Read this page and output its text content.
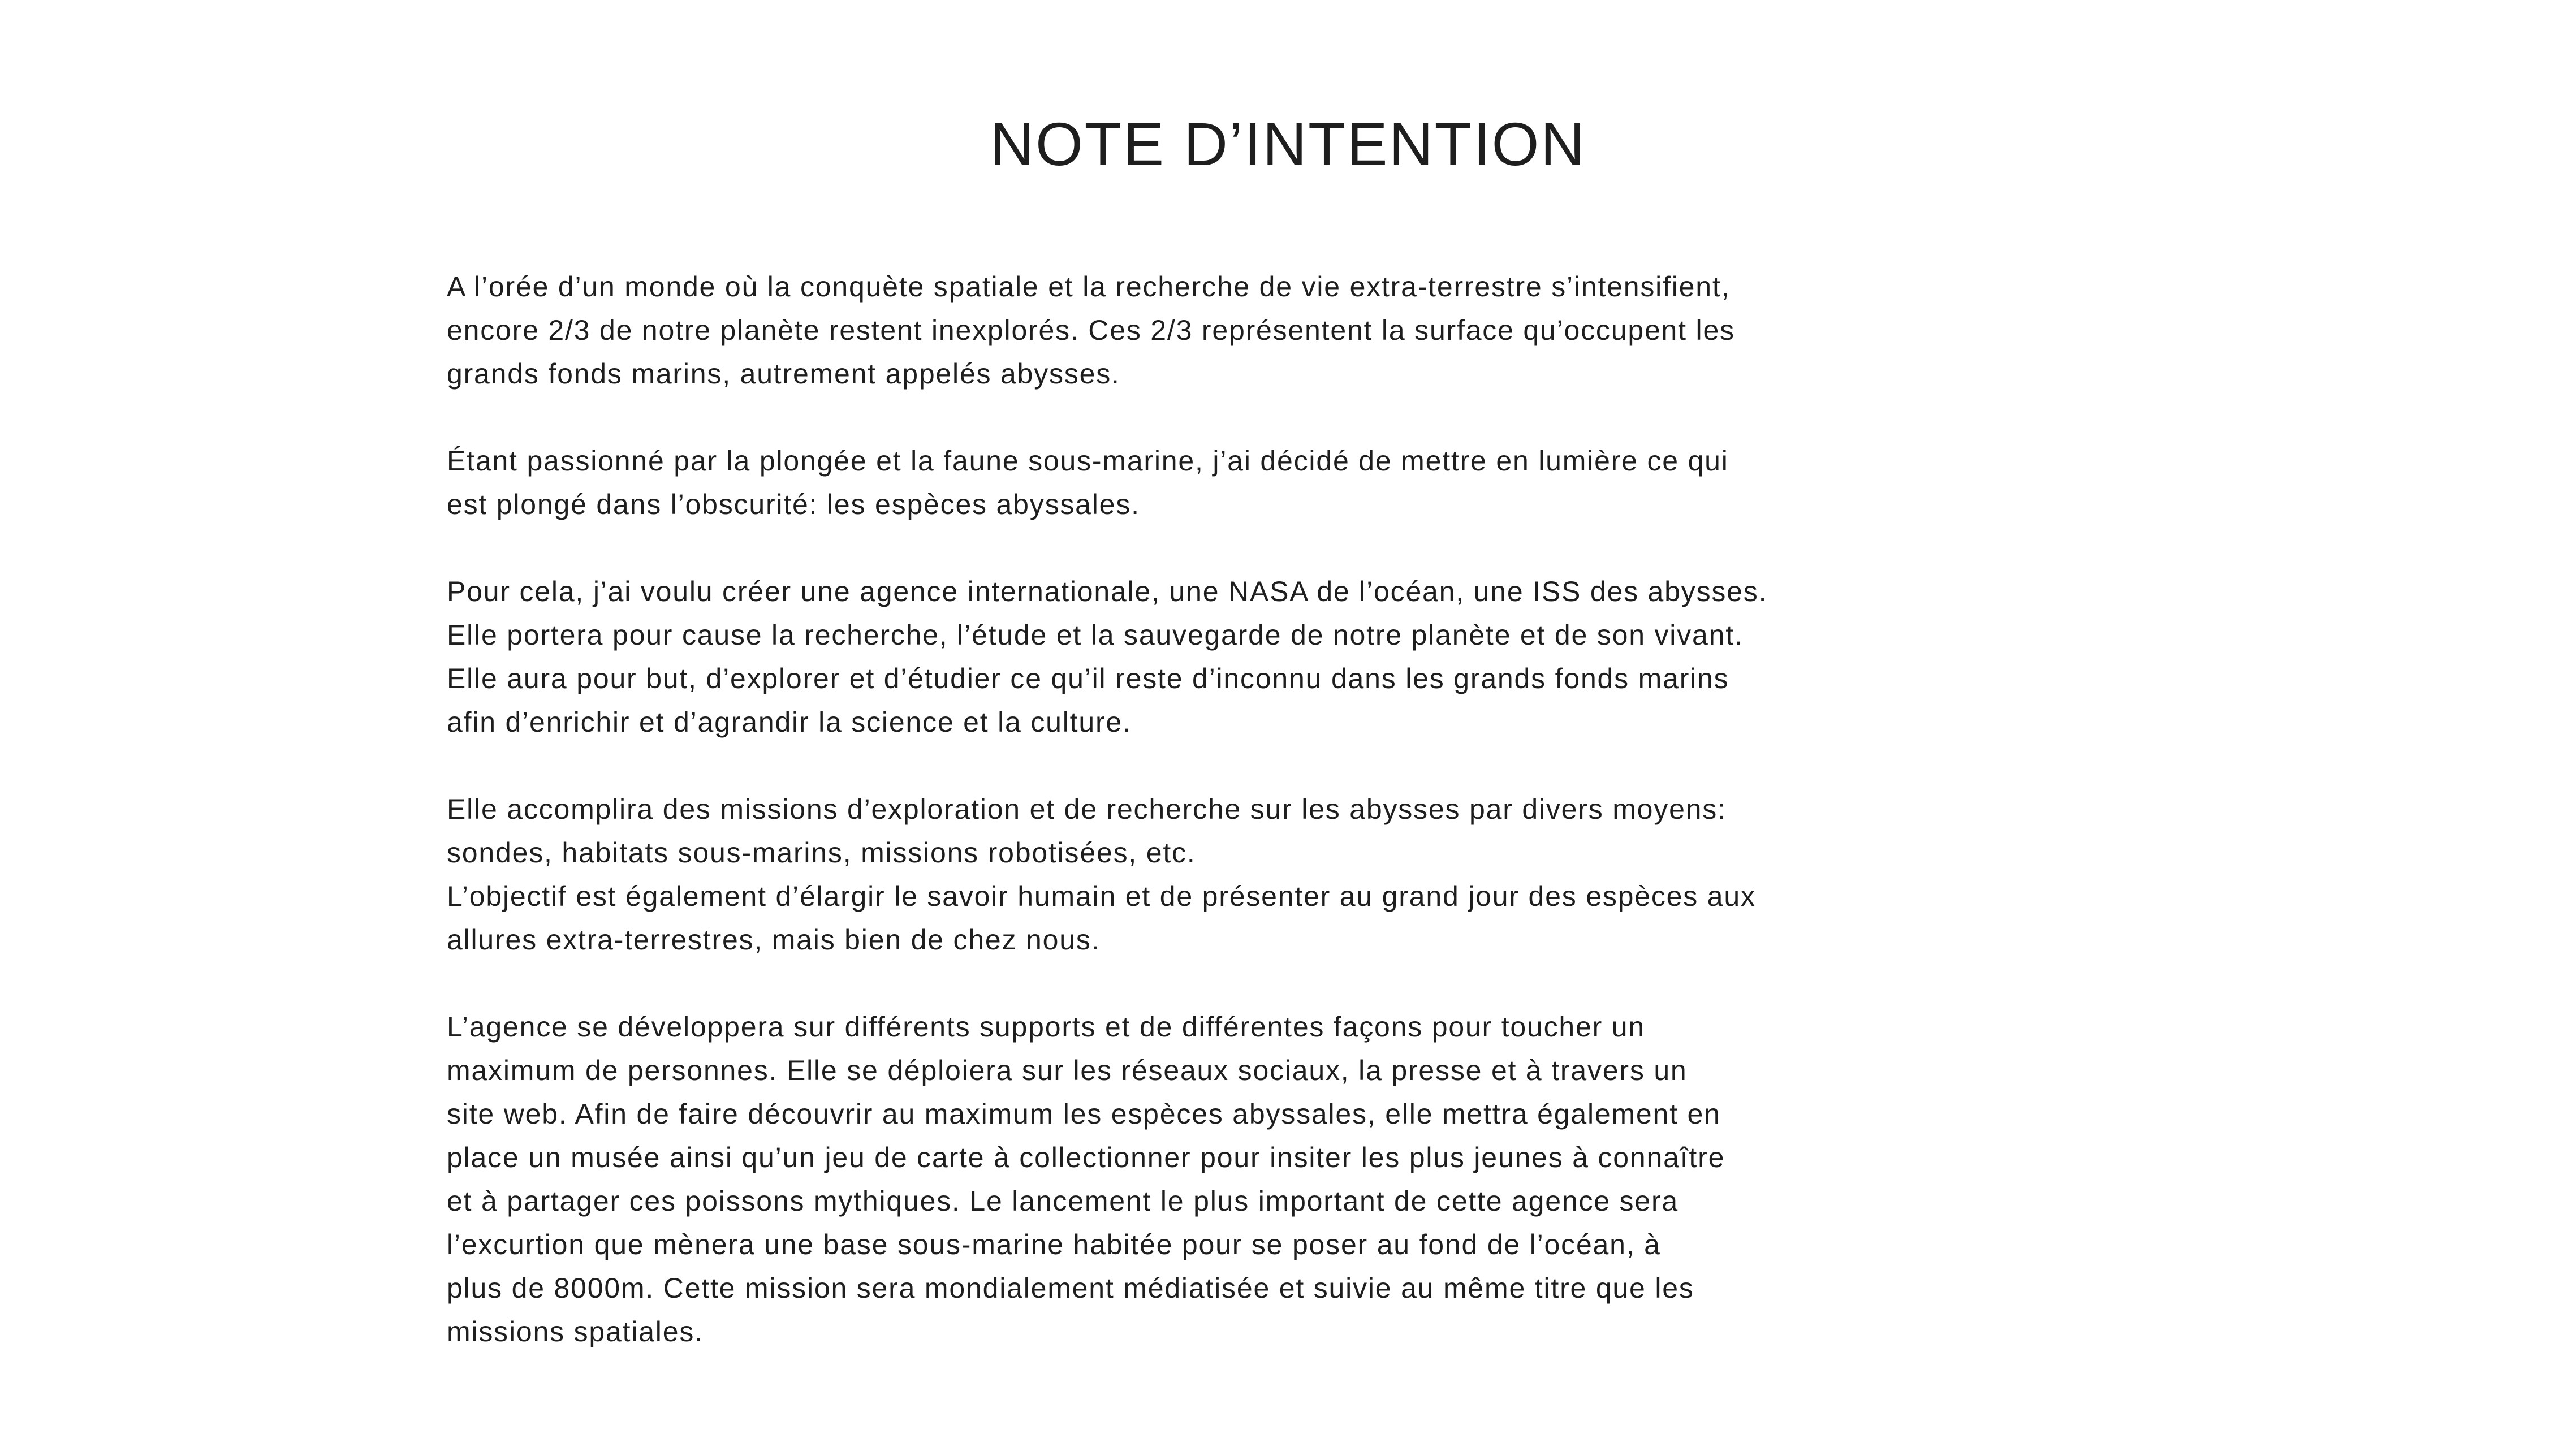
NOTE D’INTENTION
A l’orée d’un monde où la conquète spatiale et la recherche de vie extra-terrestre s’intensifient,
encore 2/3 de notre planète restent inexplorés. Ces 2/3 représentent la surface qu’occupent les
grands fonds marins, autrement appelés abysses.
Étant passionné par la plongée et la faune sous-marine, j’ai décidé de mettre en lumière ce qui
est plongé dans l’obscurité: les espèces abyssales.
Pour cela, j’ai voulu créer une agence internationale, une NASA de l’océan, une ISS des abysses.
Elle portera pour cause la recherche, l’étude et la sauvegarde de notre planète et de son vivant.
Elle aura pour but, d’explorer et d’étudier ce qu’il reste d’inconnu dans les grands fonds marins
afin d’enrichir et d’agrandir la science et la culture.
Elle accomplira des missions d’exploration et de recherche sur les abysses par divers moyens:
sondes, habitats sous-marins, missions robotisées, etc.
L’objectif est également d’élargir le savoir humain et de présenter au grand jour des espèces aux
allures extra-terrestres, mais bien de chez nous.
L’agence se développera sur différents supports et de différentes façons pour toucher un
maximum de personnes. Elle se déploiera sur les réseaux sociaux, la presse et à travers un
site web. Afin de faire découvrir au maximum les espèces abyssales, elle mettra également en
place un musée ainsi qu’un jeu de carte à collectionner pour insiter les plus jeunes à connaître
et à partager ces poissons mythiques. Le lancement le plus important de cette agence sera
l’excurtion que mènera une base sous-marine habitée pour se poser au fond de l’océan, à
plus de 8000m. Cette mission sera mondialement médiatisée et suivie au même titre que les
missions spatiales.
